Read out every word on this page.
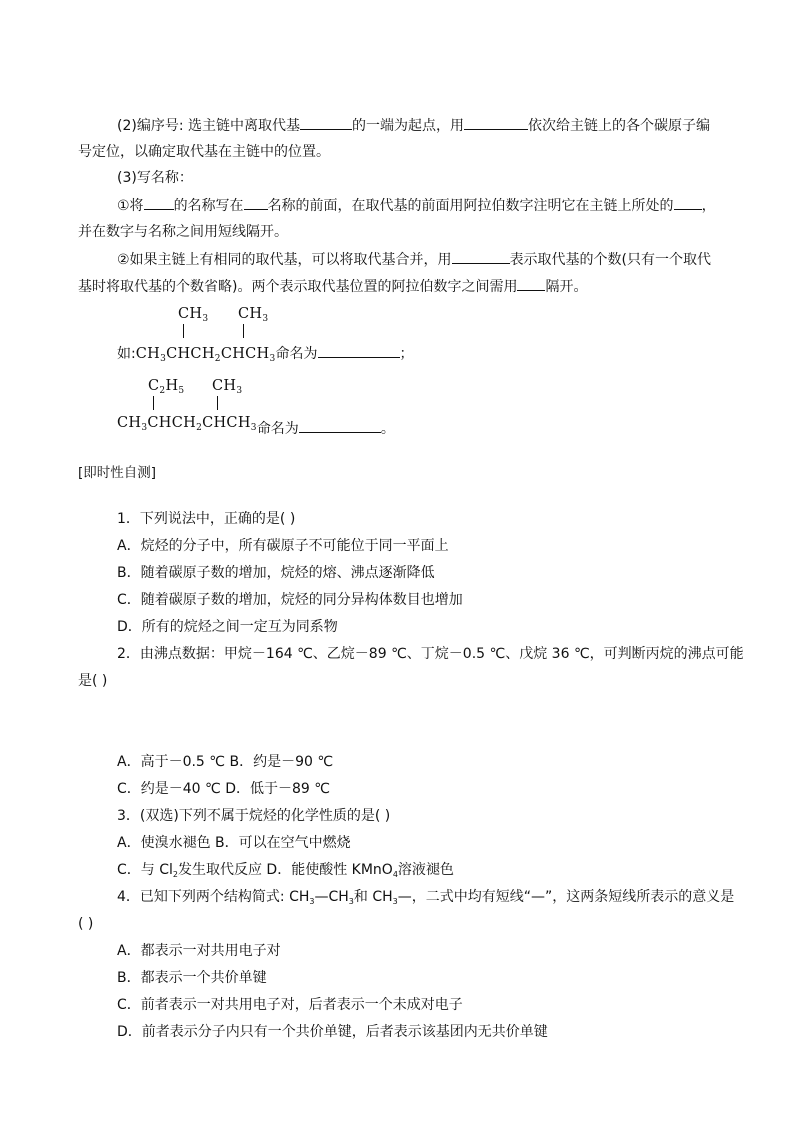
(2)编序号: 选主链中离取代基	的一端为起点，用	依次给主链上的各个碳原子编
号定位，以确定取代基在主链中的位置。
(3)写名称：
①将 的名称写在 名称的前面，在取代基的前面用阿拉伯数字注明它在主链上所处的 ，
并在数字与名称之间用短线隔开。
②如果主链上有相同的取代基，可以将取代基合并，用	表示取代基的个数(只有一个取代
基时将取代基的个数省略)。两个表示取代基位置的阿拉伯数字之间需用 隔开。
$CH_3$ $CH_3$
如$:CH_3CHCH_2CHCH_3$命名为	；
$C_2H_5$ $CH_3$
$CH_3CHCH_2CHCH_3$命名为	。
[即时性自测]
1．下列说法中，正确的是( )
A．烷烃的分子中，所有碳原子不可能位于同一平面上
B．随着碳原子数的增加，烷烃的熔、沸点逐渐降低
C．随着碳原子数的增加，烷烃的同分异构体数目也增加
D．所有的烷烃之间一定互为同系物
2．由沸点数据：甲烷－164 ℃、乙烷－89 ℃、丁烷－0.5 ℃、戊烷 36 ℃，可判断丙烷的沸点可能
是( )
A．高于－0.5 ℃ B．约是－90 ℃
C．约是－40 ℃ D．低于－89 ℃
3．(双选)下列不属于烷烃的化学性质的是( )
A．使溴水褪色 B．可以在空气中燃烧
C．与 $Cl_2$发生取代反应 D．能使酸性 KMnO$_4$溶液褪色
4．已知下列两个结构简式: $CH_3—CH_3$和 $CH_3—$，二式中均有短线“—”，这两条短线所表示的意义是
( )
A．都表示一对共用电子对
B．都表示一个共价单键
C．前者表示一对共用电子对，后者表示一个未成对电子
D．前者表示分子内只有一个共价单键，后者表示该基团内无共价单键
